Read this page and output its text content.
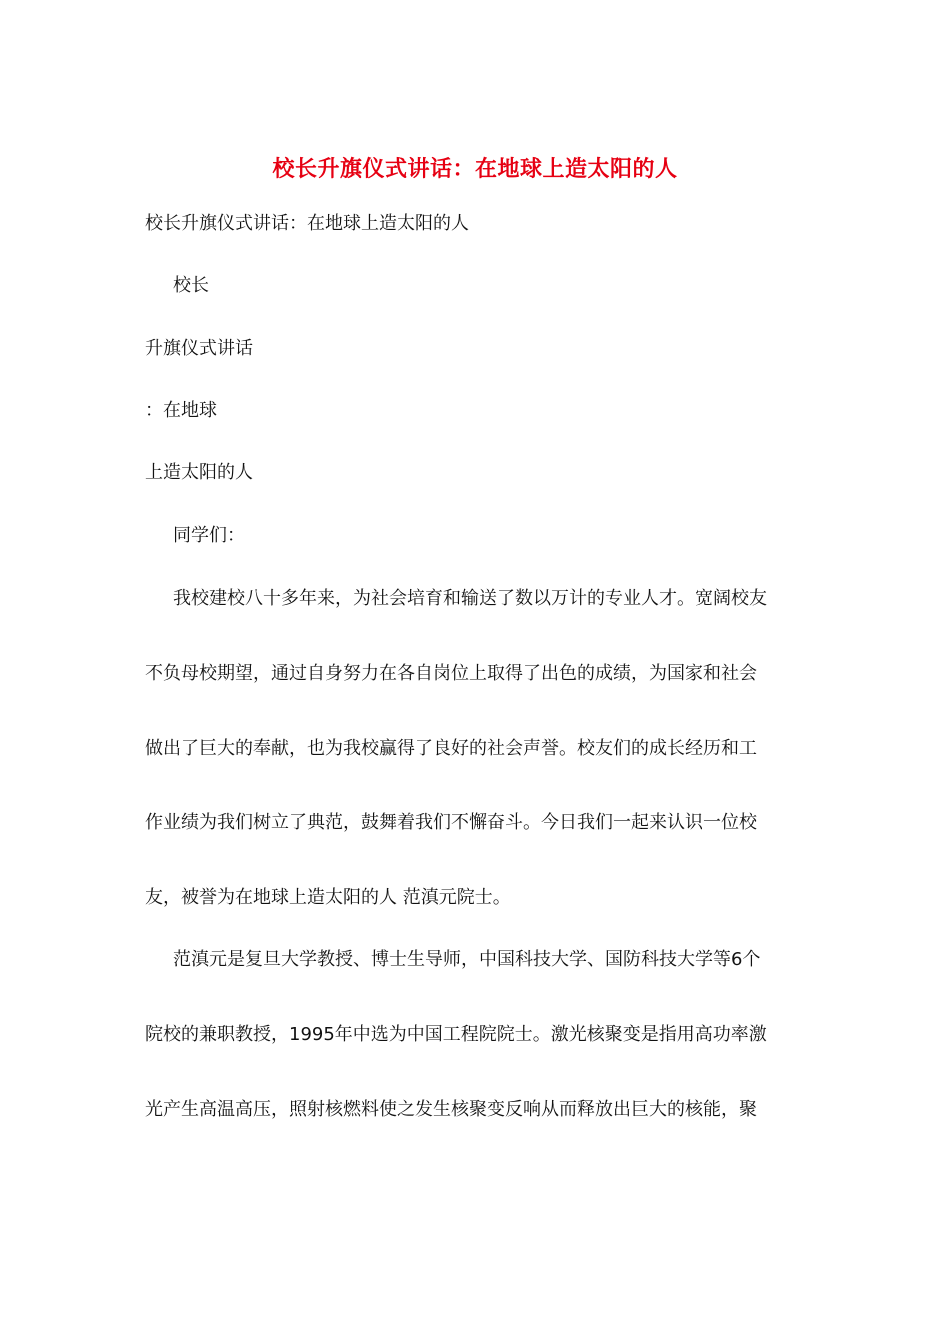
校长升旗仪式讲话：在地球上造太阳的人
校长升旗仪式讲话：在地球上造太阳的人
校长
升旗仪式讲话
：在地球
上造太阳的人
同学们：
我校建校八十多年来，为社会培育和输送了数以万计的专业人才。宽阔校友
不负母校期望，通过自身努力在各自岗位上取得了出色的成绩，为国家和社会
做出了巨大的奉献，也为我校赢得了良好的社会声誉。校友们的成长经历和工
作业绩为我们树立了典范，鼓舞着我们不懈奋斗。今日我们一起来认识一位校
友，被誉为在地球上造太阳的人 范滇元院士。
范滇元是复旦大学教授、博士生导师，中国科技大学、国防科技大学等6个
院校的兼职教授，1995年中选为中国工程院院士。激光核聚变是指用高功率激
光产生高温高压，照射核燃料使之发生核聚变反响从而释放出巨大的核能，聚
